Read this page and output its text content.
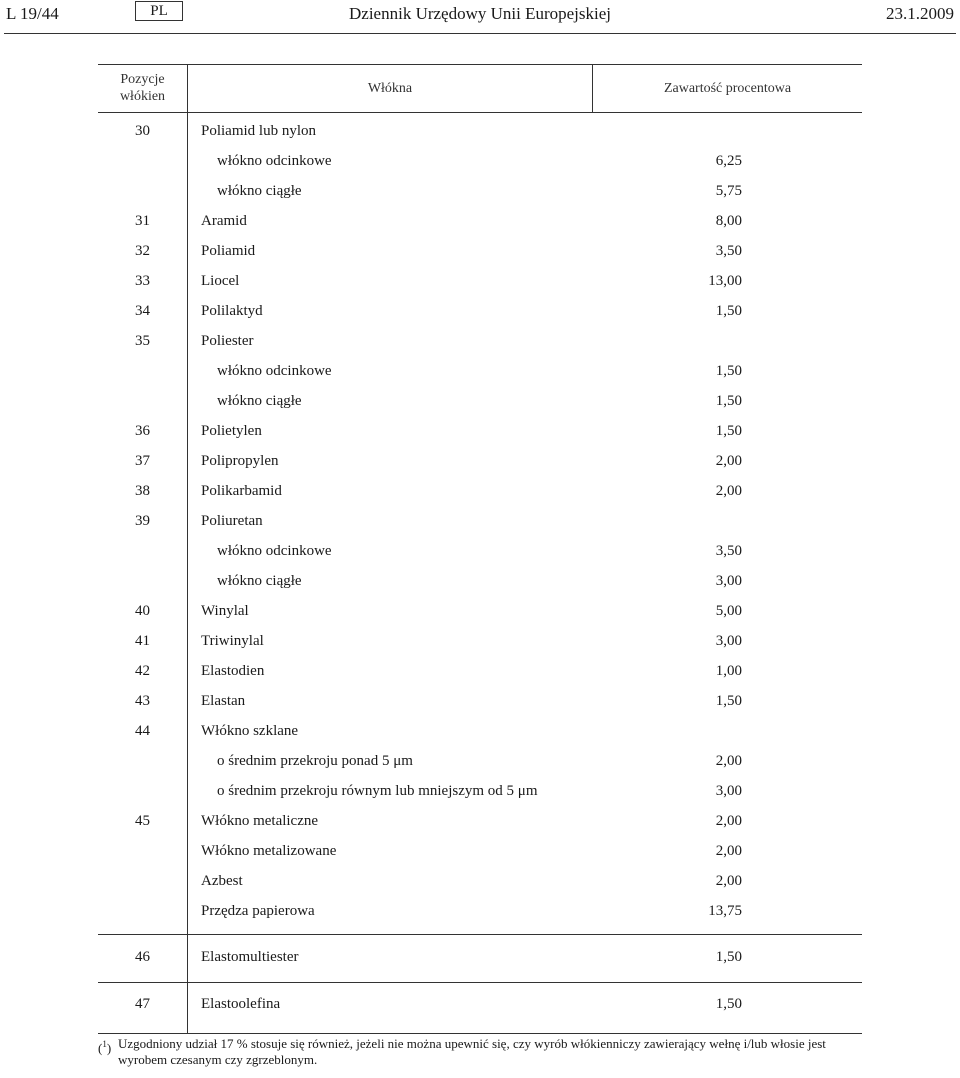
L 19/44	PL	Dziennik Urzędowy Unii Europejskiej	23.1.2009
Pozycje
włókien
Włókna	Zawartość procentowa
30	Poliamid lub nylon
włókno odcinkowe	6,25
włókno ciągłe	5,75
31	Aramid	8,00
32	Poliamid	3,50
33	Liocel	13,00
34	Polilaktyd	1,50
35	Poliester
włókno odcinkowe	1,50
włókno ciągłe	1,50
36	Polietylen	1,50
37	Polipropylen	2,00
38	Polikarbamid	2,00
39	Poliuretan
włókno odcinkowe	3,50
włókno ciągłe	3,00
40	Winylal	5,00
41	Triwinylal	3,00
42	Elastodien	1,00
43	Elastan	1,50
44	Włókno szklane
o średnim przekroju ponad 5 μm	2,00
o średnim przekroju równym lub mniejszym od 5 μm	3,00
45	Włókno metaliczne	2,00
Włókno metalizowane	2,00
Azbest	2,00
Przędza papierowa	13,75
46	Elastomultiester	1,50
47	Elastoolefina	1,50
($^1$) Uzgodniony udział 17 % stosuje się również, jeżeli nie można upewnić się, czy wyrób włókienniczy zawierający wełnę i/lub włosie jest wyrobem czesanym czy zgrzeblonym.
